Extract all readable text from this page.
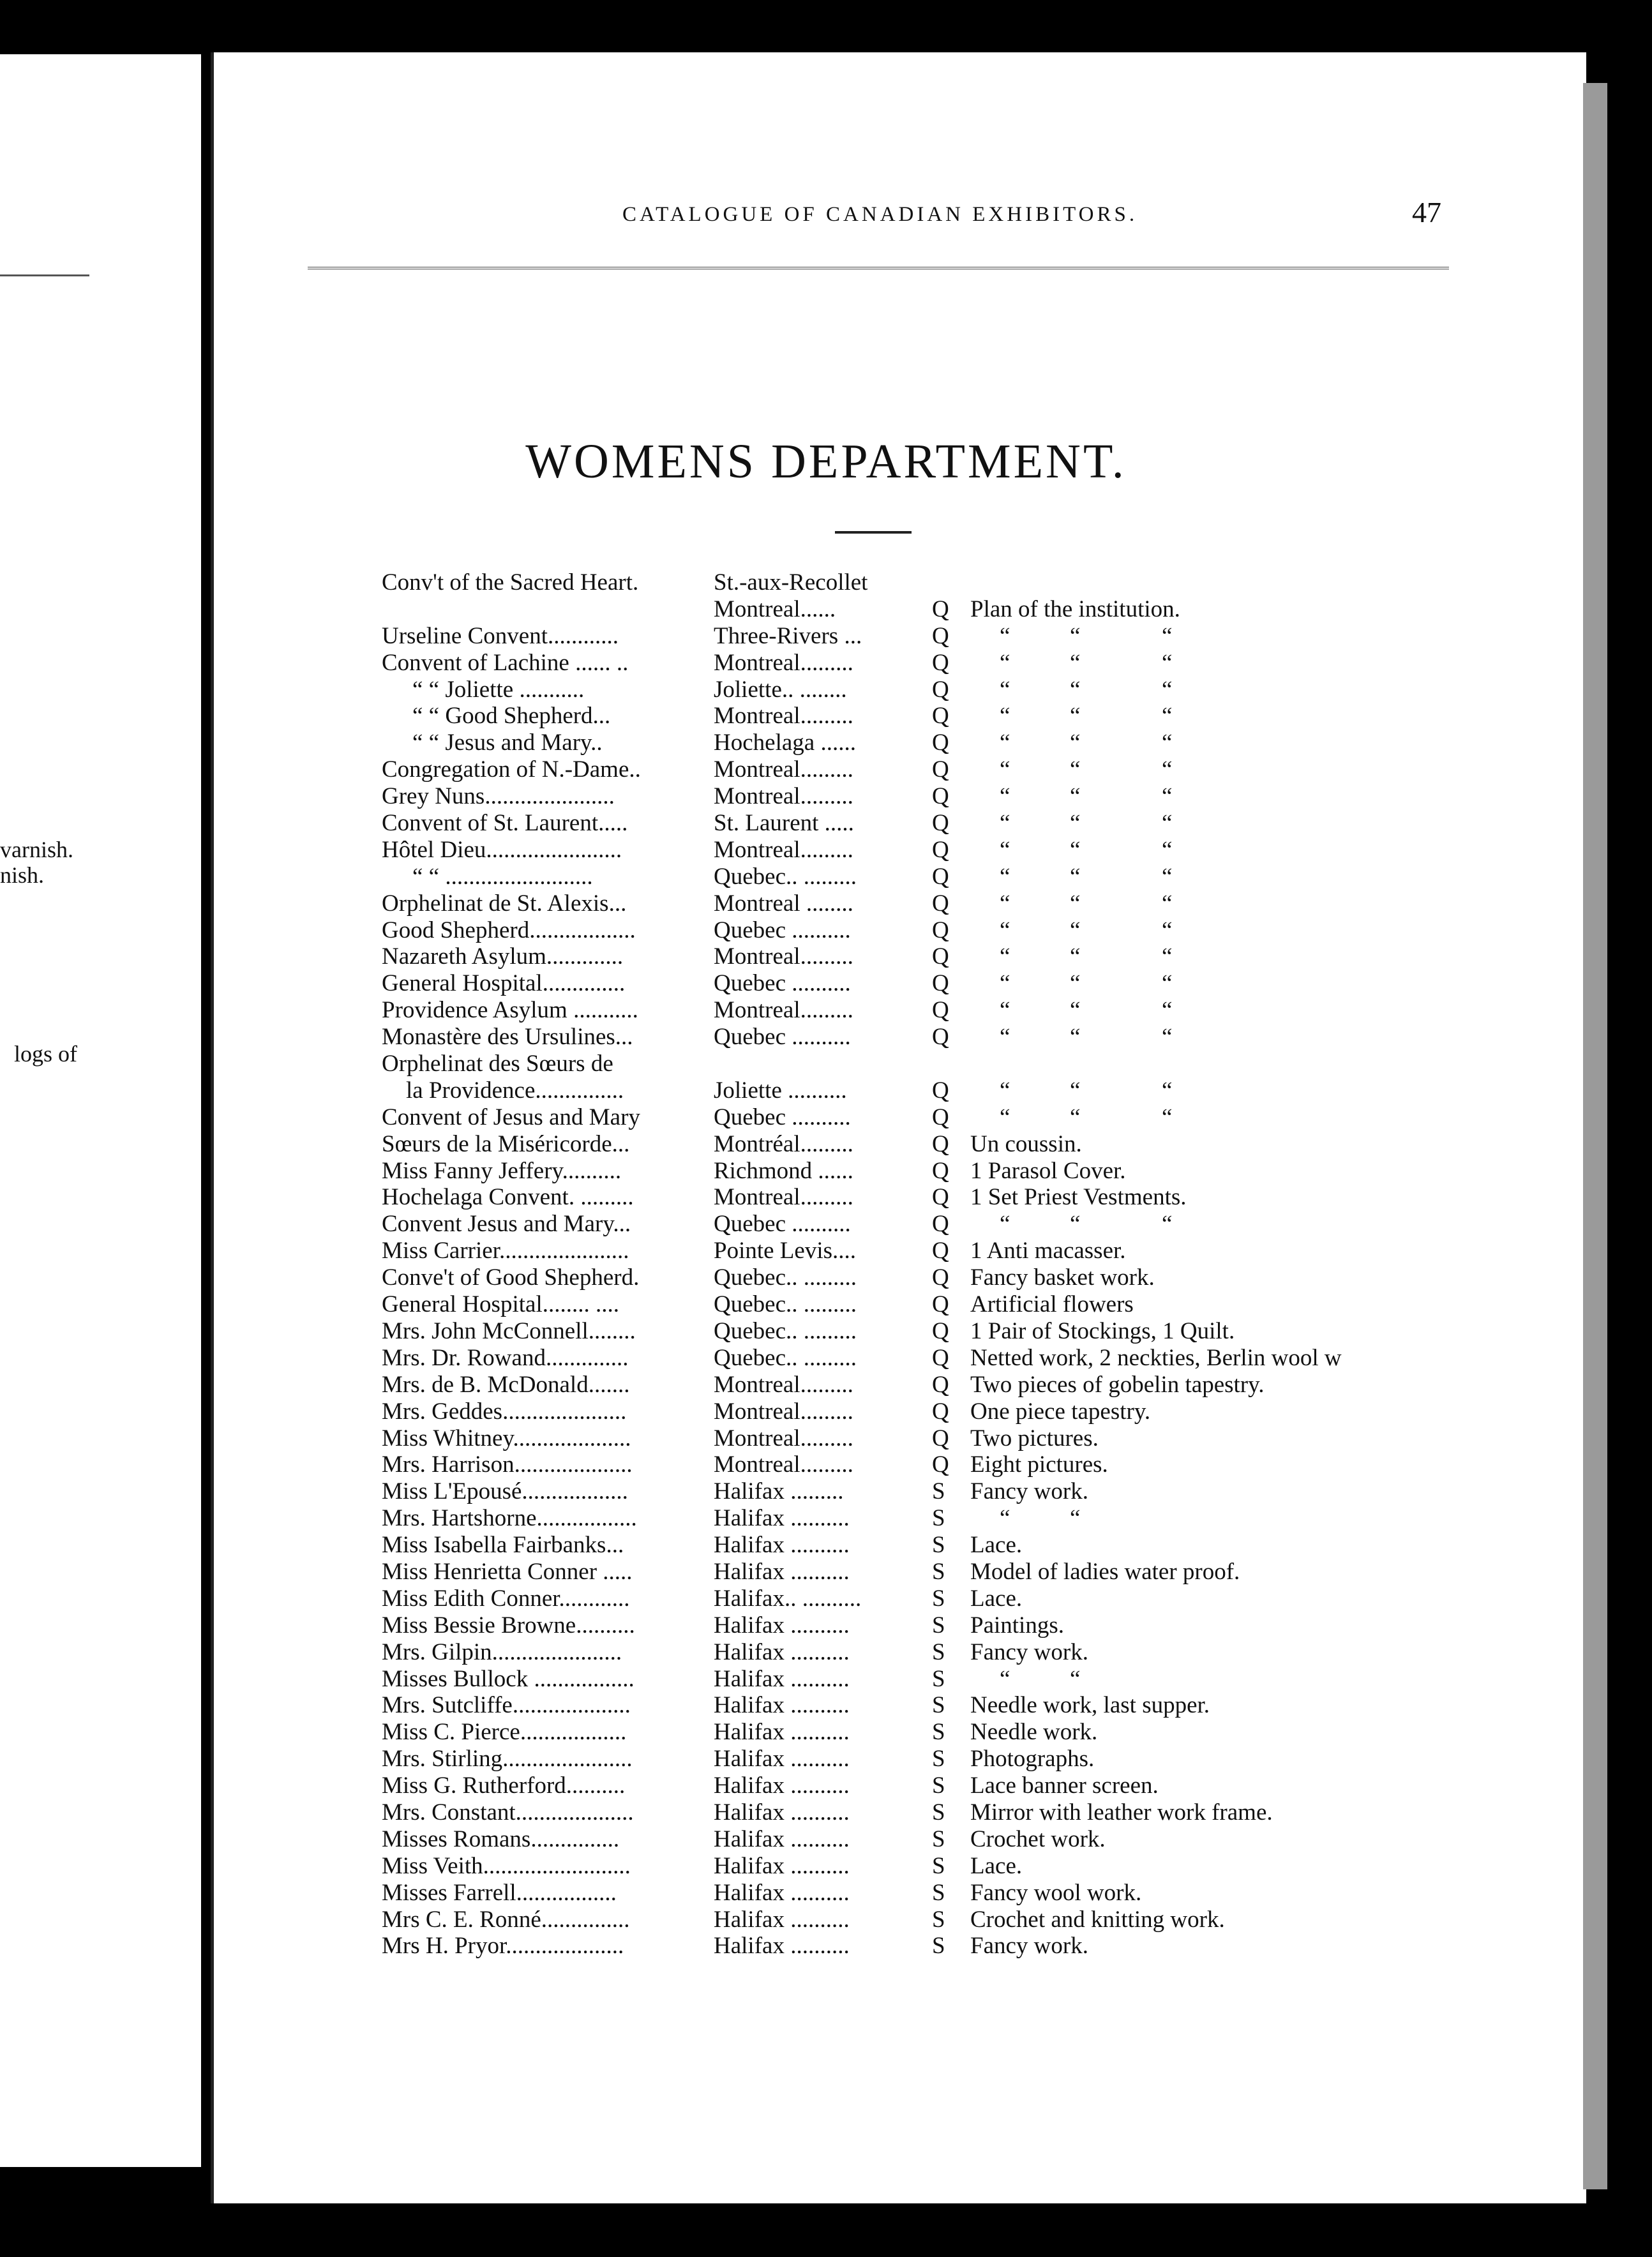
varnish.
nish.
logs of
CATALOGUE OF CANADIAN EXHIBITORS.	47
WOMENS DEPARTMENT.
Conv't of the Sacred Heart.	St.-aux-Recollet
Montreal......	Q Plan of the institution.
Urseline Convent............	Three-Rivers ...	Q “	“	“
Convent of Lachine ...... ..	Montreal.........	Q “	“	“
“ “ Joliette ...........	Joliette.. ........	Q “	“	“
“ “ Good Shepherd...	Montreal.........	Q “	“	“
“ “ Jesus and Mary..	Hochelaga ......	Q “	“	“
Congregation of N.-Dame..	Montreal.........	Q “	“	“
Grey Nuns......................	Montreal.........	Q “	“	“
Convent of St. Laurent.....	St. Laurent .....	Q “	“	“
Hôtel Dieu.......................	Montreal.........	Q “	“	“
“ “ .........................	Quebec.. .........	Q “	“	“
Orphelinat de St. Alexis...	Montreal ........	Q “	“	“
Good Shepherd..................	Quebec ..........	Q “	“	“
Nazareth Asylum.............	Montreal.........	Q “	“	“
General Hospital..............	Quebec ..........	Q “	“	“
Providence Asylum ...........	Montreal.........	Q “	“	“
Monastère des Ursulines...	Quebec ..........	Q “	“	“
Orphelinat des Sœurs de
la Providence...............	Joliette ..........	Q “	“	“
Convent of Jesus and Mary	Quebec ..........	Q “	“	“
Sœurs de la Miséricorde...	Montréal.........	Q Un coussin.
Miss Fanny Jeffery..........	Richmond ......	Q 1 Parasol Cover.
Hochelaga Convent. .........	Montreal.........	Q 1 Set Priest Vestments.
Convent Jesus and Mary...	Quebec ..........	Q “	“	“
Miss Carrier......................	Pointe Levis....	Q 1 Anti macasser.
Conve't of Good Shepherd.	Quebec.. .........	Q Fancy basket work.
General Hospital........ ....	Quebec.. .........	Q Artificial flowers
Mrs. John McConnell........	Quebec.. .........	Q 1 Pair of Stockings, 1 Quilt.
Mrs. Dr. Rowand..............	Quebec.. .........	Q Netted work, 2 neckties, Berlin wool w
Mrs. de B. McDonald.......	Montreal.........	Q Two pieces of gobelin tapestry.
Mrs. Geddes.....................	Montreal.........	Q One piece tapestry.
Miss Whitney....................	Montreal.........	Q Two pictures.
Mrs. Harrison....................	Montreal.........	Q Eight pictures.
Miss L'Epousé..................	Halifax .........	S Fancy work.
Mrs. Hartshorne.................	Halifax ..........	S “	“
Miss Isabella Fairbanks...	Halifax ..........	S Lace.
Miss Henrietta Conner .....	Halifax ..........	S Model of ladies water proof.
Miss Edith Conner............	Halifax.. ..........	S Lace.
Miss Bessie Browne..........	Halifax ..........	S Paintings.
Mrs. Gilpin......................	Halifax ..........	S Fancy work.
Misses Bullock .................	Halifax ..........	S “	“
Mrs. Sutcliffe....................	Halifax ..........	S Needle work, last supper.
Miss C. Pierce..................	Halifax ..........	S Needle work.
Mrs. Stirling......................	Halifax ..........	S Photographs.
Miss G. Rutherford..........	Halifax ..........	S Lace banner screen.
Mrs. Constant....................	Halifax ..........	S Mirror with leather work frame.
Misses Romans...............	Halifax ..........	S Crochet work.
Miss Veith.........................	Halifax ..........	S Lace.
Misses Farrell.................	Halifax ..........	S Fancy wool work.
Mrs C. E. Ronné...............	Halifax ..........	S Crochet and knitting work.
Mrs H. Pryor....................	Halifax ..........	S Fancy work.
